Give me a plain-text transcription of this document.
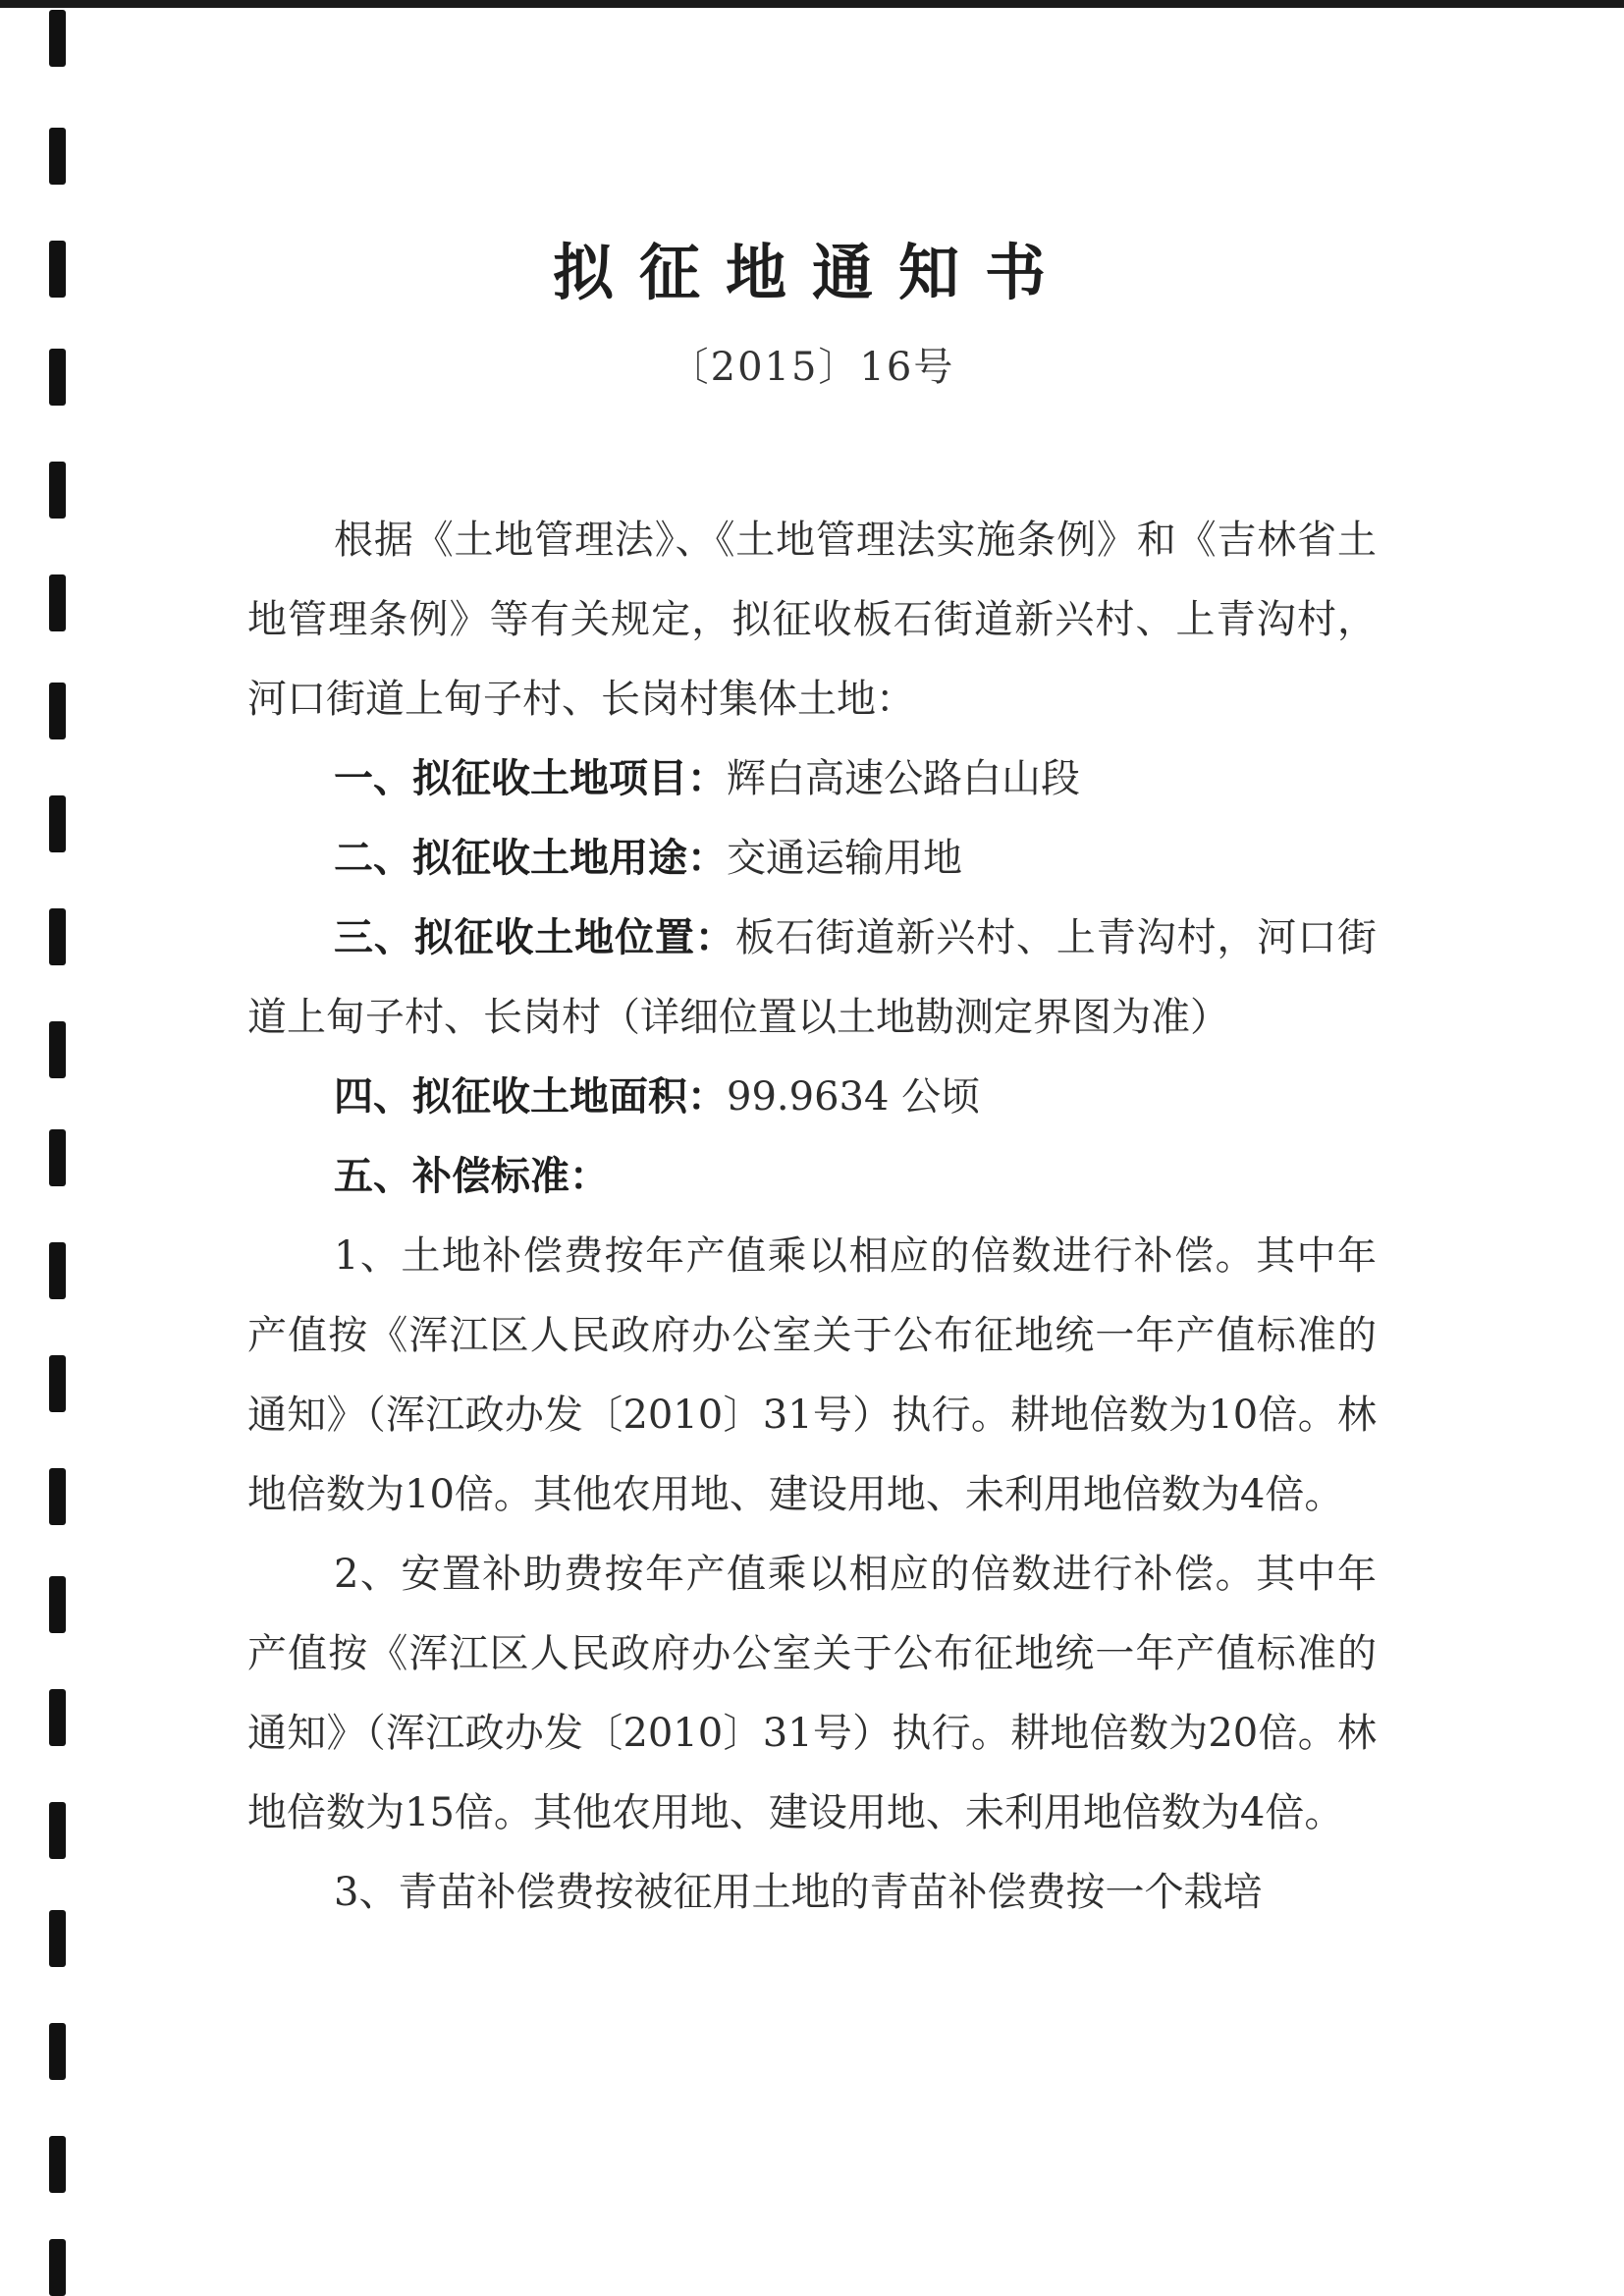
拟征地通知书
〔2015〕16号

根据《土地管理法》、《土地管理法实施条例》和《吉林省土地管理条例》等有关规定，拟征收板石街道新兴村、上青沟村，河口街道上甸子村、长岗村集体土地：

一、拟征收土地项目：辉白高速公路白山段

二、拟征收土地用途：交通运输用地

三、拟征收土地位置：板石街道新兴村、上青沟村，河口街道上甸子村、长岗村（详细位置以土地勘测定界图为准）

四、拟征收土地面积：99.9634 公顷

五、补偿标准：

1、土地补偿费按年产值乘以相应的倍数进行补偿。其中年产值按《浑江区人民政府办公室关于公布征地统一年产值标准的通知》（浑江政办发〔2010〕31号）执行。耕地倍数为10倍。林地倍数为10倍。其他农用地、建设用地、未利用地倍数为4倍。

2、安置补助费按年产值乘以相应的倍数进行补偿。其中年产值按《浑江区人民政府办公室关于公布征地统一年产值标准的通知》（浑江政办发〔2010〕31号）执行。耕地倍数为20倍。林地倍数为15倍。其他农用地、建设用地、未利用地倍数为4倍。

3、青苗补偿费按被征用土地的青苗补偿费按一个栽培
